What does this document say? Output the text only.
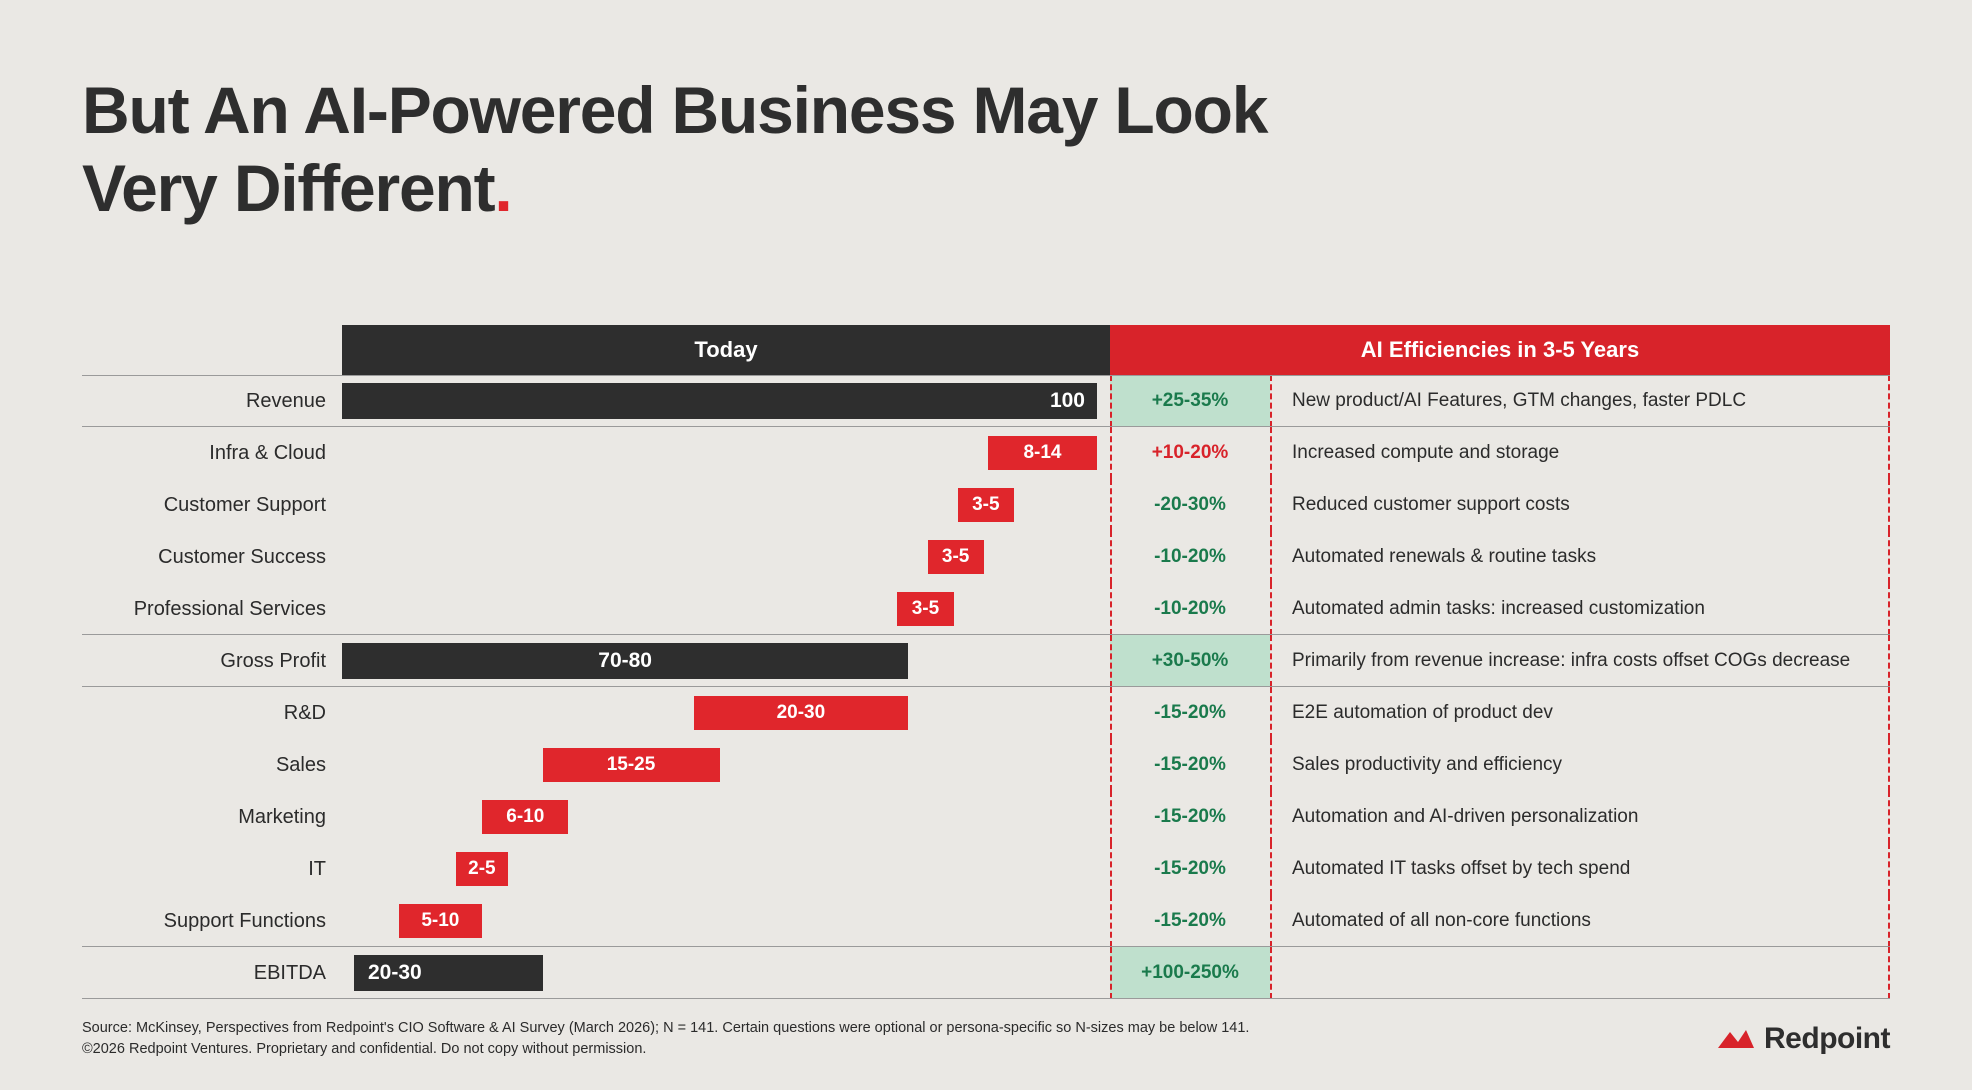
But An AI-Powered Business May Look
Very Different.
Today	AI Efficiencies in 3-5 Years
Revenue	100	+25-35%	New product/AI Features, GTM changes, faster PDLC
Infra & Cloud	8-14	+10-20%	Increased compute and storage
Customer Support	3-5	-20-30%	Reduced customer support costs
Customer Success	3-5	-10-20%	Automated renewals & routine tasks
Professional Services	3-5	-10-20%	Automated admin tasks: increased customization
Gross Profit	70-80	+30-50%	Primarily from revenue increase: infra costs offset COGs decrease
R&D	20-30	-15-20%	E2E automation of product dev
Sales	15-25	-15-20%	Sales productivity and efficiency
Marketing	6-10	-15-20%	Automation and AI-driven personalization
IT	2-5	-15-20%	Automated IT tasks offset by tech spend
Support Functions	5-10	-15-20%	Automated of all non-core functions
EBITDA	20-30	+100-250%
Source: McKinsey, Perspectives from Redpoint's CIO Software & AI Survey (March 2026); N = 141. Certain questions were optional or persona-specific so N-sizes may be below 141.
©2026 Redpoint Ventures. Proprietary and confidential. Do not copy without permission.	Redpoint
